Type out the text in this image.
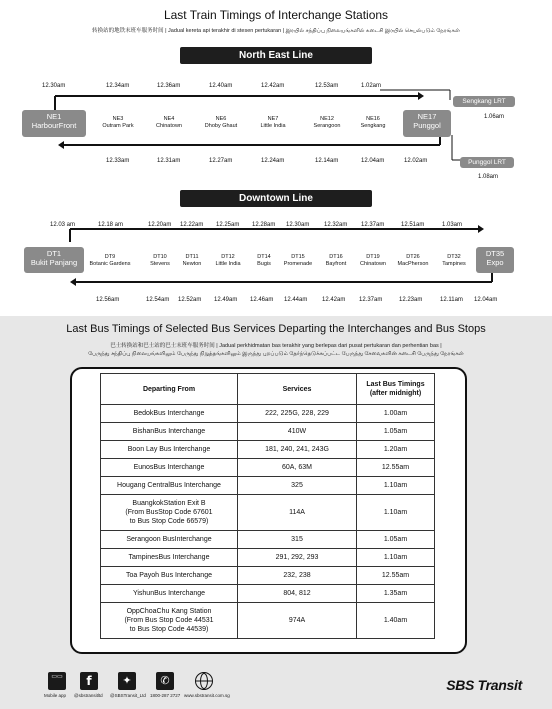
Last Train Timings of Interchange Stations
转换站的地铁末班车服务时间 | Jadual kereta api terakhir di stesen pertukaran | இரயில் சந்திப்பு நிலையங்களில் கடைசி இரயில் செயல்படும் நேரங்கள்
North East Line
12.30am
NE1
HarbourFront
NE17
Punggol
12.02am
Sengkang LRT
1.06am
Punggol LRT
1.08am
Downtown Line
12.03 am
DT1
Bukit Panjang
DT35
Expo
12.04am
Last Bus Timings of Selected Bus Services Departing the Interchanges and Bus Stops
巴士转换站和巴士站的巴士末班车服务时间 | Jadual perkhidmatan bas terakhir yang berlepas dari pusat pertukaran dan perhentian bas |
பேருந்து சந்திப்பு நிலையங்களிலும் பேருந்து நிறுத்தங்களிலும் இருந்து புறப்படும் தேர்ந்தெடுக்கப்பட்ட பேருந்து சேவைகளின் கடைசி பேருந்து நேரங்கள்
Departing From	Services	Last Bus Timings
(after midnight)
BedokBus Interchange	222, 225G, 228, 229	1.00am
BishanBus Interchange	410W	1.05am
Boon Lay Bus Interchange	181, 240, 241, 243G	1.20am
EunosBus Interchange	60A, 63M	12.55am
Hougang CentralBus Interchange	325	1.10am
BuangkokStation Exit B
(From BusStop Code 67601
to Bus Stop Code 66579)	114A	1.10am
Serangoon BusInterchange	315	1.05am
TampinesBus Interchange	291, 292, 293	1.10am
Toa Payoh Bus Interchange	232, 238	12.55am
YishunBus Interchange	804, 812	1.35am
OppChoaChu Kang Station
(From Bus Stop Code 44531
to Bus Stop Code 44539)	974A	1.40am
▭▭	f	✦	✆
Mobile app @sbstransitltd @SBSTransit_Ltd 1800-287 2727 www.sbstransit.com.sg
SBS Transit
12.34am	12.36am	12.40am	12.42am	12.53am	1.02am
NE3
Outram Park
NE4
Chinatown
NE6
Dhoby Ghaut
NE7
Little India
NE12
Serangoon
NE16
Sengkang
12.33am	12.31am	12.27am	12.24am	12.14am	12.04am
12.18 am	12.20am 12.22am 12.25am 12.28am 12.30am 12.32am 12.37am	12.51am	1.03am
DT9
Botanic Gardens
DT10
Stevens
DT11
Newton
DT12
Little India
DT14
Bugis
DT15
Promenade
DT16
Bayfront
DT19
Chinatown
DT26
MacPherson
DT32
Tampines
12.56am	12.54am 12.52am 12.49am 12.46am 12.44am 12.42am 12.37am	12.23am	12.11am
